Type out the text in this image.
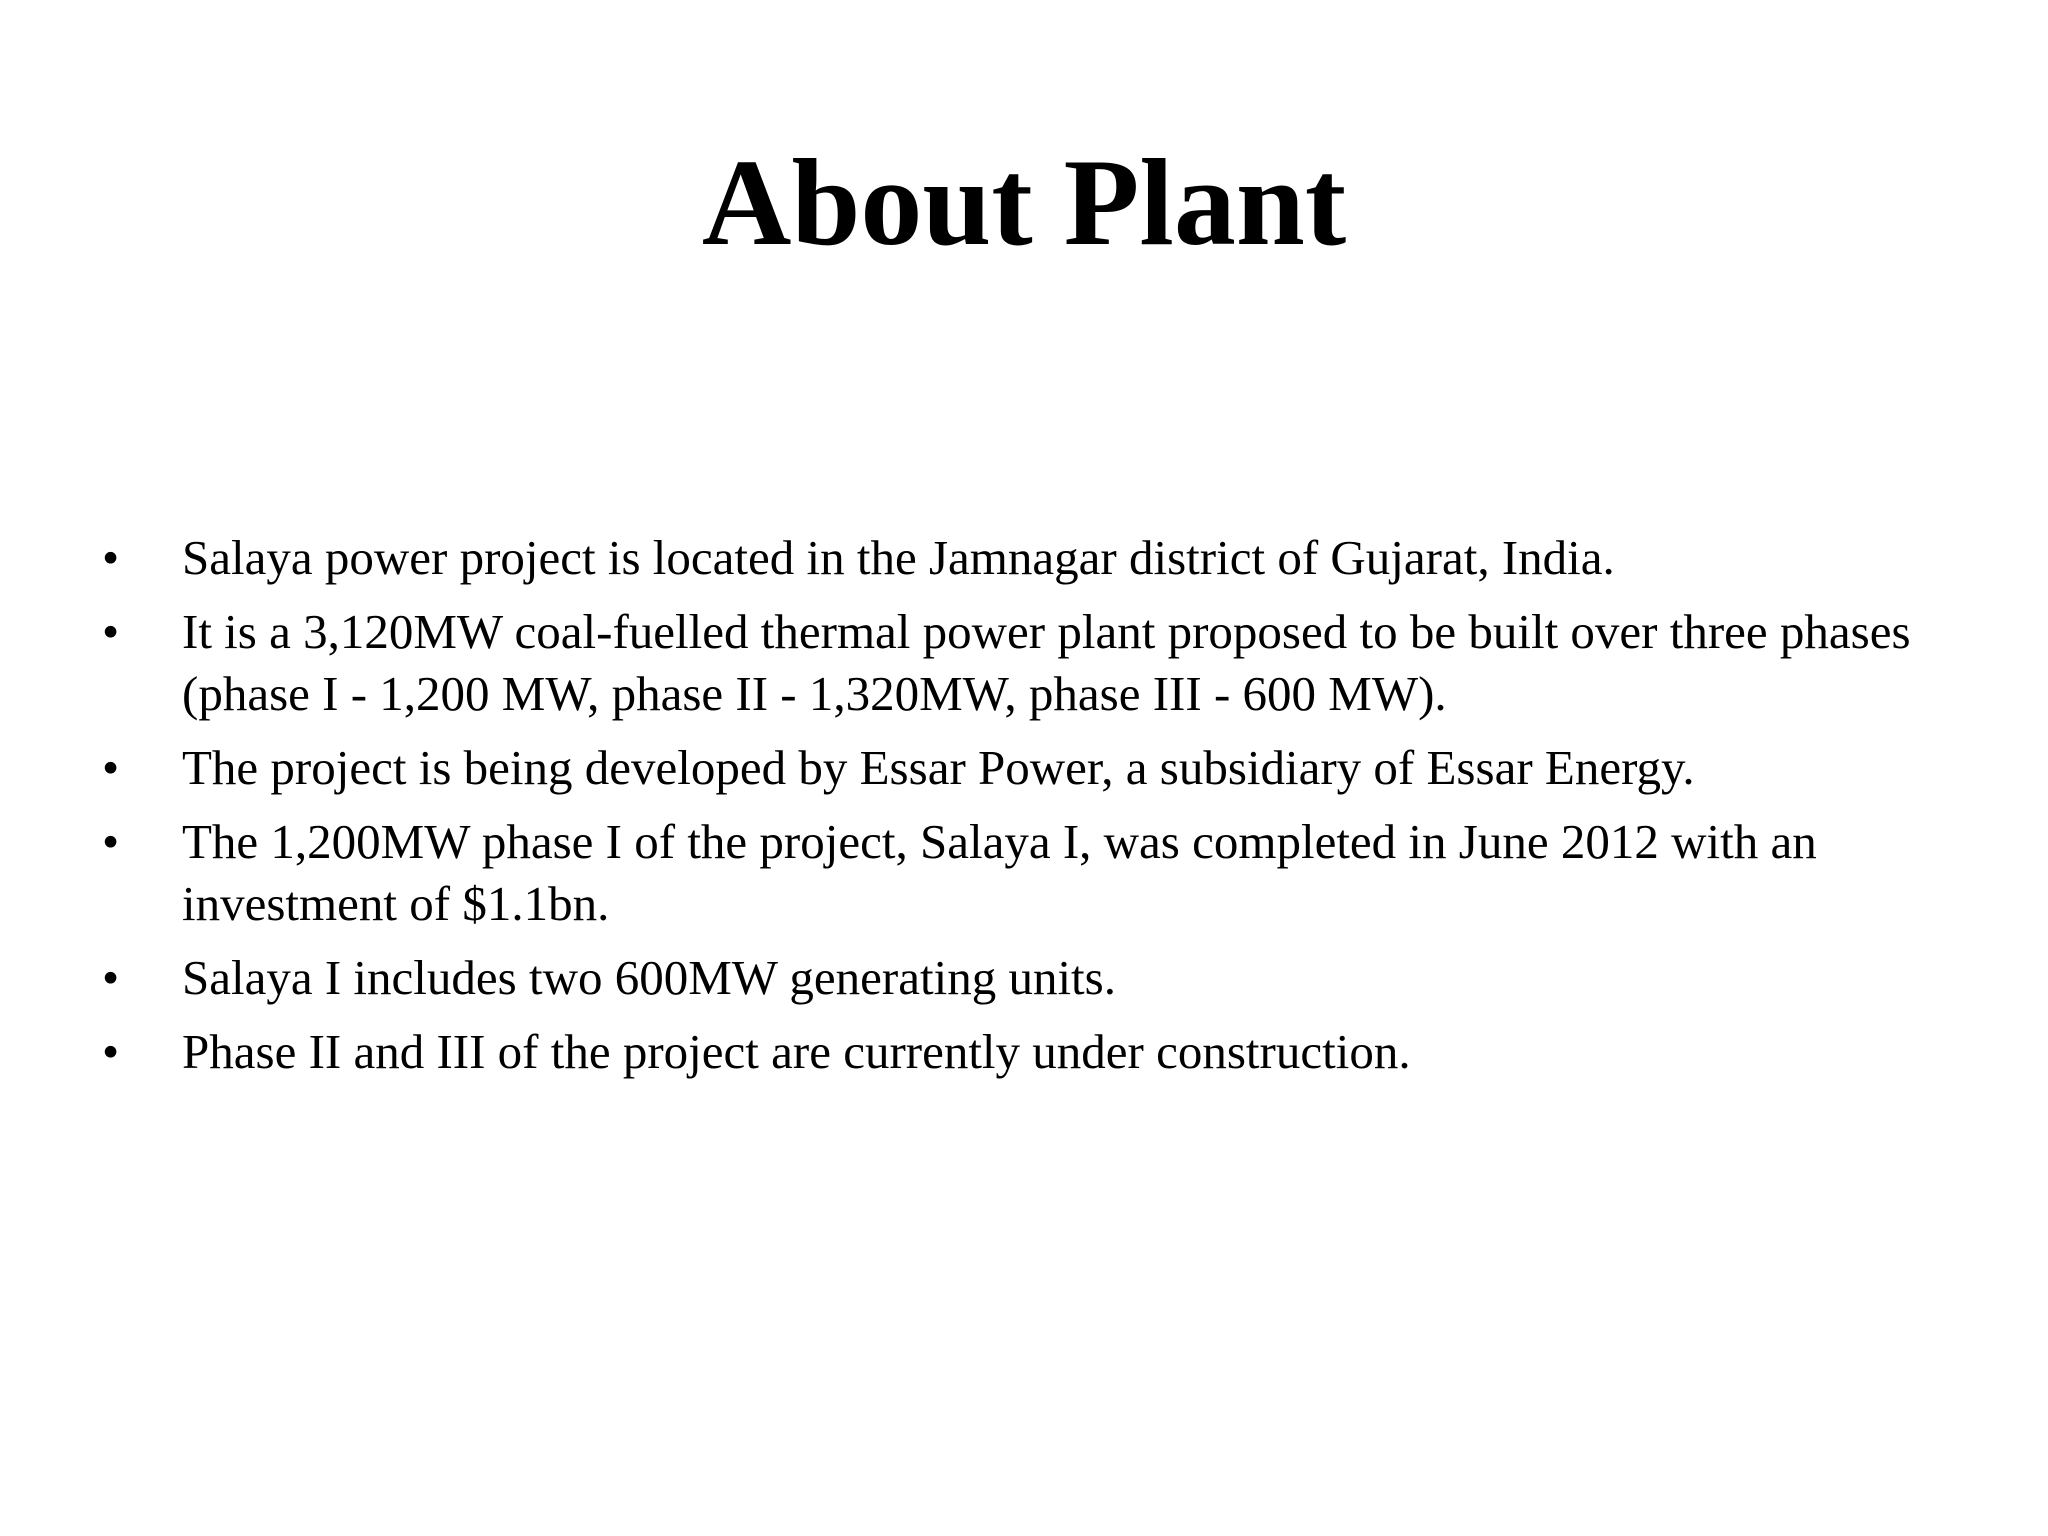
About Plant
•	Salaya power project is located in the Jamnagar district of Gujarat, India.
•	It is a 3,120MW coal-fuelled thermal power plant proposed to be built over three phases (phase I - 1,200 MW, phase II - 1,320MW, phase III - 600 MW).
•	The project is being developed by Essar Power, a subsidiary of Essar Energy.
•	The 1,200MW phase I of the project, Salaya I, was completed in June 2012 with an investment of $1.1bn.
•	Salaya I includes two 600MW generating units.
•	Phase II and III of the project are currently under construction.
